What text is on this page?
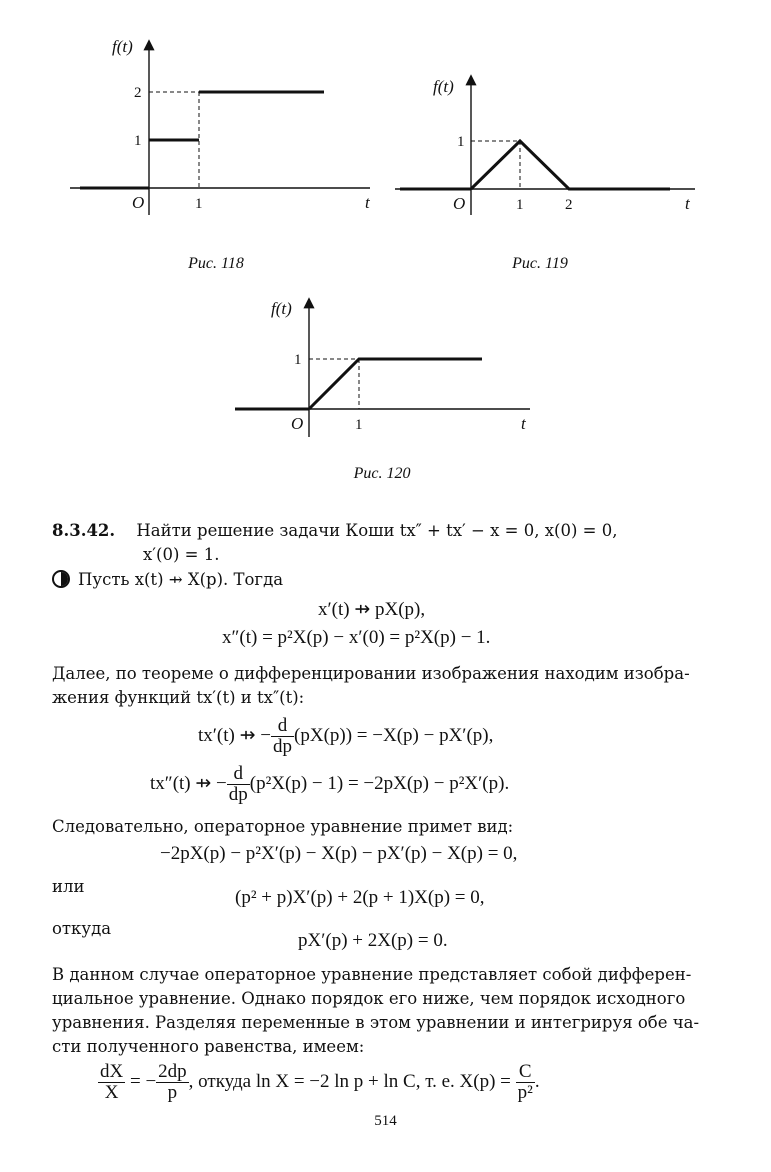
f(t)
2
1
O	1	t
Рис. 118
f(t)
1
O	1	2	t
Рис. 119
f(t)
1
O	1	t
Рис. 120
8.3.42. Найти решение задачи Коши tx″ + tx′ − x = 0, x(0) = 0,
x′(0) = 1.
Пусть x(t) ⇸ X(p). Тогда
x′(t) ⇸ pX(p),
x″(t) = p²X(p) − x′(0) = p²X(p) − 1.
Далее, по теореме о дифференцировании изображения находим изобра-
жения функций tx′(t) и tx″(t):
tx′(t) ⇸ − $\frac{d}{dp} (pX(p)) = -X(p) - pX'(p)$,
tx″(t) ⇸ − $\frac{d}{dp} (p^2X(p) - 1) = -2pX(p) - p^2X'(p)$.
Следовательно, операторное уравнение примет вид:
−2pX(p) − p²X′(p) − X(p) − pX′(p) − X(p) = 0,
или
(p² + p)X′(p) + 2(p + 1)X(p) = 0,
откуда
pX′(p) + 2X(p) = 0.
В данном случае операторное уравнение представляет собой дифферен-
циальное уравнение. Однако порядок его ниже, чем порядок исходного
уравнения. Разделяя переменные в этом уравнении и интегрируя обе ча-
сти полученного равенства, имеем:
$\frac{dX}{X}$ = − $\frac{2dp}{p}$ , откуда ln X = −2 ln p + ln C, т. е. $X(p) = \frac{C}{\text{p²}}$ .
514
